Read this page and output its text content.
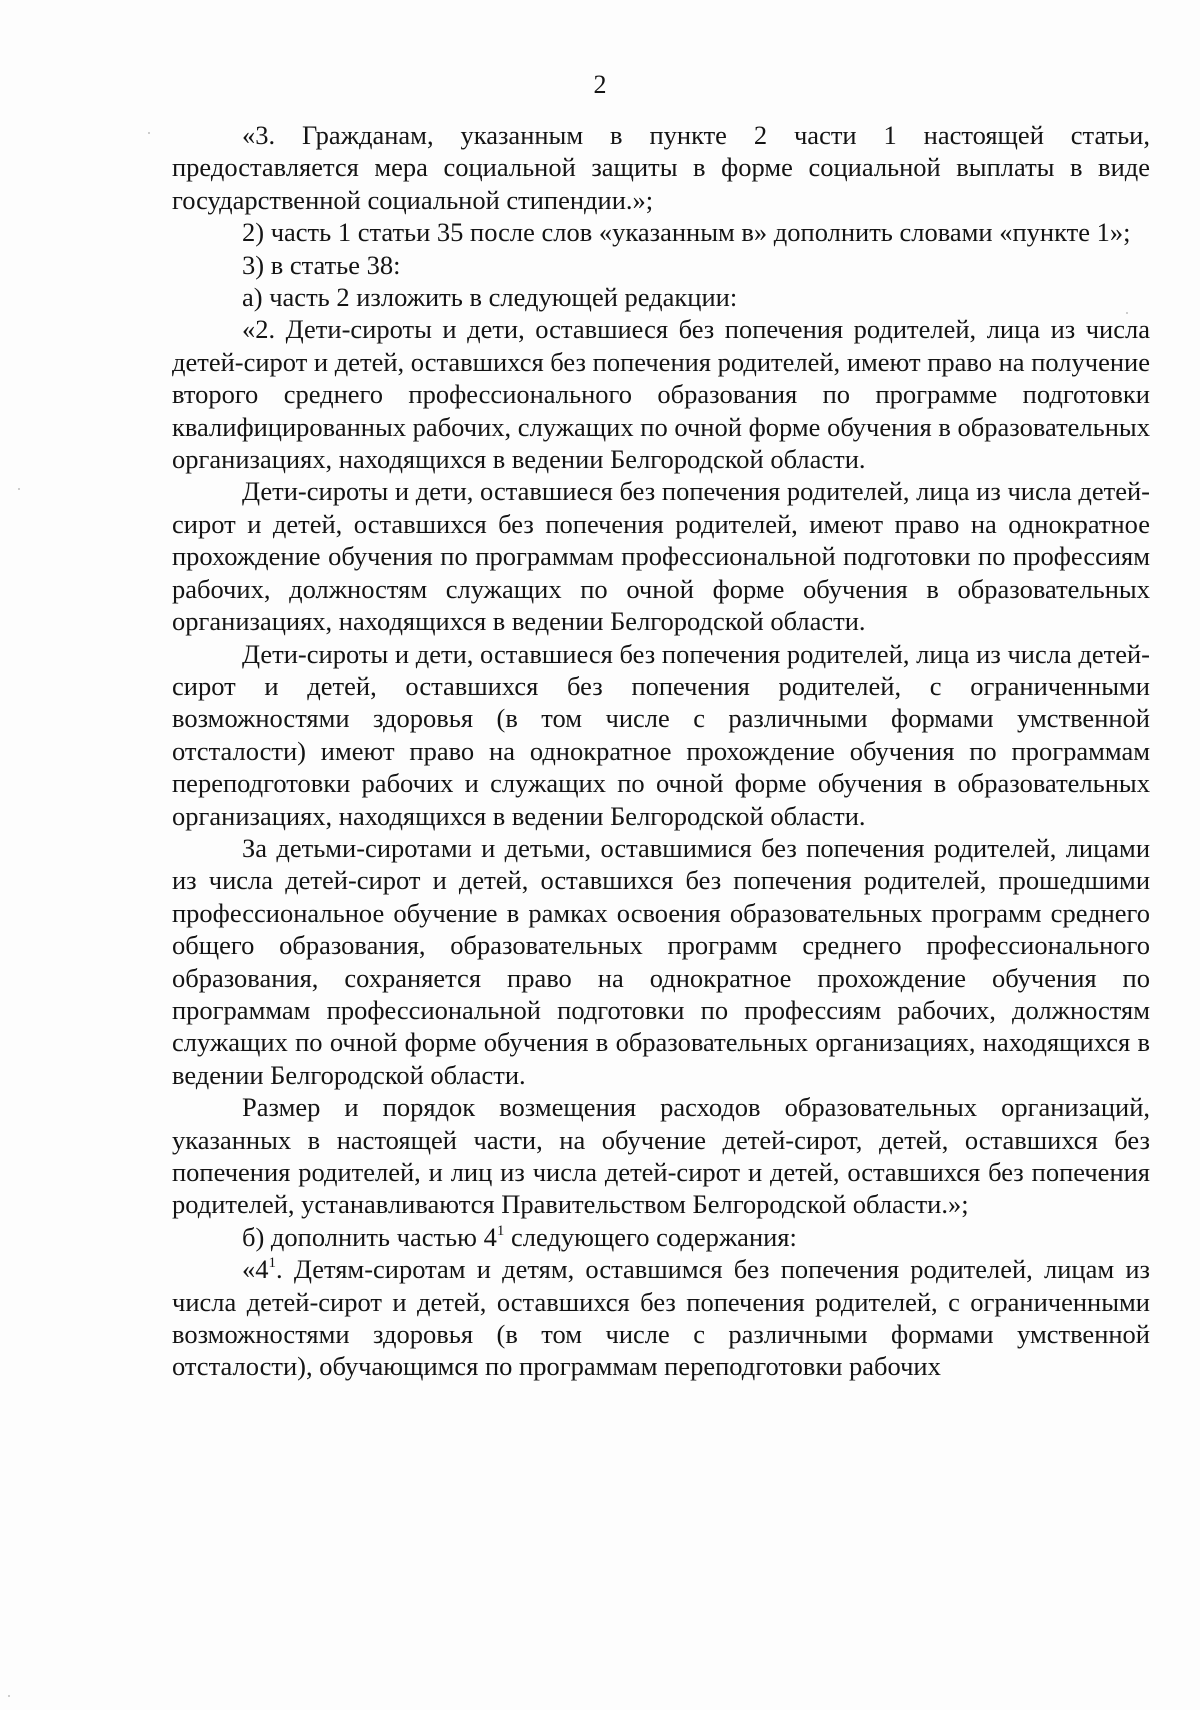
2

«3. Гражданам, указанным в пункте 2 части 1 настоящей статьи, предоставляется мера социальной защиты в форме социальной выплаты в виде государственной социальной стипендии.»;

2) часть 1 статьи 35 после слов «указанным в» дополнить словами «пункте 1»;

3) в статье 38:

а) часть 2 изложить в следующей редакции:

«2. Дети-сироты и дети, оставшиеся без попечения родителей, лица из числа детей-сирот и детей, оставшихся без попечения родителей, имеют право на получение второго среднего профессионального образования по программе подготовки квалифицированных рабочих, служащих по очной форме обучения в образовательных организациях, находящихся в ведении Белгородской области.

Дети-сироты и дети, оставшиеся без попечения родителей, лица из числа детей-сирот и детей, оставшихся без попечения родителей, имеют право на однократное прохождение обучения по программам профессиональной подготовки по профессиям рабочих, должностям служащих по очной форме обучения в образовательных организациях, находящихся в ведении Белгородской области.

Дети-сироты и дети, оставшиеся без попечения родителей, лица из числа детей-сирот и детей, оставшихся без попечения родителей, с ограниченными возможностями здоровья (в том числе с различными формами умственной отсталости) имеют право на однократное прохождение обучения по программам переподготовки рабочих и служащих по очной форме обучения в образовательных организациях, находящихся в ведении Белгородской области.

За детьми-сиротами и детьми, оставшимися без попечения родителей, лицами из числа детей-сирот и детей, оставшихся без попечения родителей, прошедшими профессиональное обучение в рамках освоения образовательных программ среднего общего образования, образовательных программ среднего профессионального образования, сохраняется право на однократное прохождение обучения по программам профессиональной подготовки по профессиям рабочих, должностям служащих по очной форме обучения в образовательных организациях, находящихся в ведении Белгородской области.

Размер и порядок возмещения расходов образовательных организаций, указанных в настоящей части, на обучение детей-сирот, детей, оставшихся без попечения родителей, и лиц из числа детей-сирот и детей, оставшихся без попечения родителей, устанавливаются Правительством Белгородской области.»;

б) дополнить частью $4^1$ следующего содержания:

«$4^1$. Детям-сиротам и детям, оставшимся без попечения родителей, лицам из числа детей-сирот и детей, оставшихся без попечения родителей, с ограниченными возможностями здоровья (в том числе с различными формами умственной отсталости), обучающимся по программам переподготовки рабочих
